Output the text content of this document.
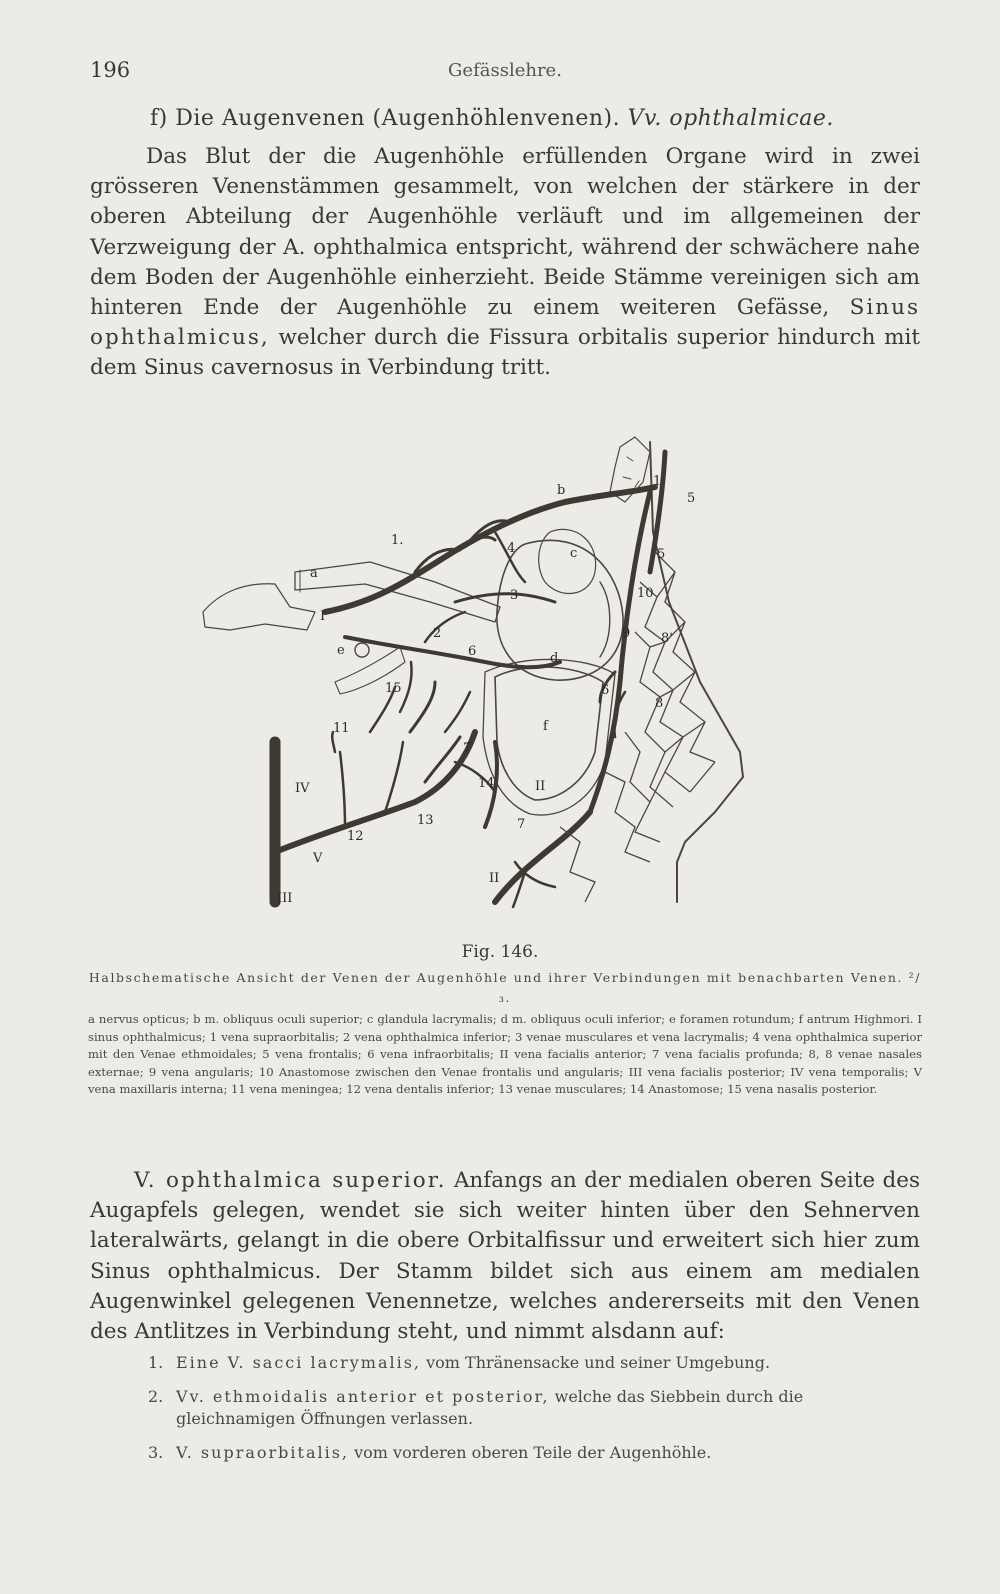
196	Gefässlehre.
f) Die Augenvenen (Augenhöhlenvenen). Vv. ophthalmicae.

Das Blut der die Augenhöhle erfüllenden Organe wird in zwei grösseren Venenstämmen gesammelt, von welchen der stärkere in der oberen Abteilung der Augenhöhle verläuft und im allgemeinen der Verzweigung der A. ophthalmica entspricht, während der schwächere nahe dem Boden der Augenhöhle einherzieht. Beide Stämme vereinigen sich am hinteren Ende der Augenhöhle zu einem weiteren Gefässe, Sinus ophthalmicus, welcher durch die Fissura orbitalis superior hindurch mit dem Sinus cavernosus in Verbindung tritt.

b
1.
a
I
4	c
3
5
5
1
10
2
e	6	d
9 8'
15	6
8
11	f
7
IV	14	II
12
13
V
7
III
II

Fig. 146.

Halbschematische Ansicht der Venen der Augenhöhle und ihrer Verbindungen mit benachbarten Venen. ²/₃.

a nervus opticus; b m. obliquus oculi superior; c glandula lacrymalis; d m. obliquus oculi inferior; e foramen rotundum; f antrum Highmori. I sinus ophthalmicus; 1 vena supraorbitalis; 2 vena ophthalmica inferior; 3 venae musculares et vena lacrymalis; 4 vena ophthalmica superior mit den Venae ethmoidales; 5 vena frontalis; 6 vena infraorbitalis; II vena facialis anterior; 7 vena facialis profunda; 8, 8 venae nasales externae; 9 vena angularis; 10 Anastomose zwischen den Venae frontalis und angularis; III vena facialis posterior; IV vena temporalis; V vena maxillaris interna; 11 vena meningea; 12 vena dentalis inferior; 13 venae musculares; 14 Anastomose; 15 vena nasalis posterior.

V. ophthalmica superior. Anfangs an der medialen oberen Seite des Augapfels gelegen, wendet sie sich weiter hinten über den Sehnerven lateralwärts, gelangt in die obere Orbitalfissur und erweitert sich hier zum Sinus ophthalmicus. Der Stamm bildet sich aus einem am medialen Augenwinkel gelegenen Venennetze, welches andererseits mit den Venen des Antlitzes in Verbindung steht, und nimmt alsdann auf:

1. Eine V. sacci lacrymalis, vom Thränensacke und seiner Umgebung.
2. Vv. ethmoidalis anterior et posterior, welche das Siebbein durch die gleichnamigen Öffnungen verlassen.
3. V. supraorbitalis, vom vorderen oberen Teile der Augenhöhle.
